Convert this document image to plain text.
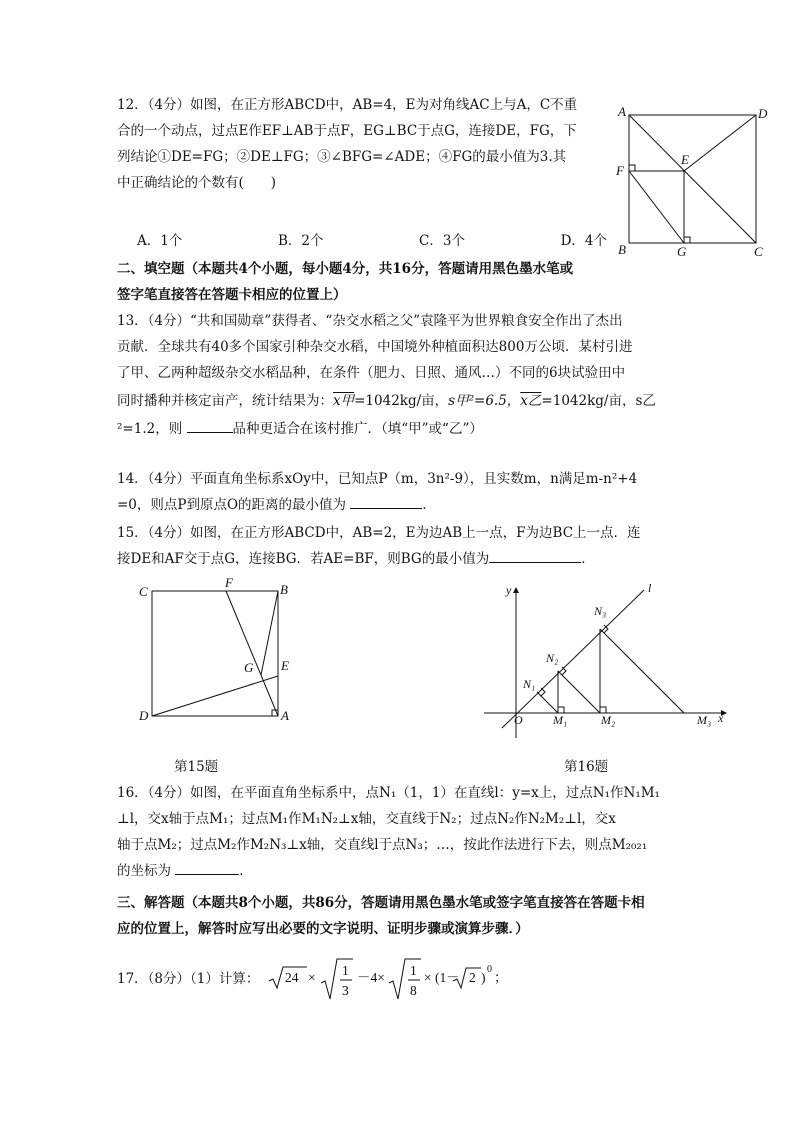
12．（4分）如图，在正方形ABCD中，AB=4，E为对角线AC上与A，C不重
合的一个动点，过点E作EF⊥AB于点F，EG⊥BC于点G，连接DE，FG，下
列结论①DE=FG；②DE⊥FG；③∠BFG=∠ADE；④FG的最小值为3.其
中正确结论的个数有(　　)
A．1个	B．2个	C．3个	D．4个
A	D
E
F
B	G	C
二、填空题（本题共4个小题，每小题4分，共16分，答题请用黑色墨水笔或
签字笔直接答在答题卡相应的位置上）
13．（4分）“共和国勋章”获得者、“杂交水稻之父”袁隆平为世界粮食安全作出了杰出
贡献．全球共有40多个国家引种杂交水稻，中国境外种植面积达800万公顷．某村引进
了甲、乙两种超级杂交水稻品种，在条件（肥力、日照、通风…）不同的6块试验田中
同时播种并核定亩产，统计结果为：x甲=1042kg/亩，s甲²=6.5，x乙=1042kg/亩，s乙
²=1.2，则	品种更适合在该村推广．（填“甲”或“乙”）
14．（4分）平面直角坐标系xOy中，已知点P（m，3n²-9），且实数m，n满足m-n²+4
=0，则点P到原点O的距离的最小值为	．
15．（4分）如图，在正方形ABCD中，AB=2，E为边AB上一点，F为边BC上一点．连
接DE和AF交于点G，连接BG．若AE=BF，则BG的最小值为	．
C
F	B
G E
D	A
第15题
y	l
N₃
N₂
N₁
O	M₁	M₂	M₃ x
第16题
16．（4分）如图，在平面直角坐标系中，点N₁（1，1）在直线l：y=x上，过点N₁作N₁M₁
⊥l，交x轴于点M₁；过点M₁作M₁N₂⊥x轴，交直线于N₂；过点N₂作N₂M₂⊥l，交x
轴于点M₂；过点M₂作M₂N₃⊥x轴，交直线l于点N₃；…，按此作法进行下去，则点M₂₀₂₁
的坐标为	．
三、解答题（本题共8个小题，共86分，答题请用黑色墨水笔或签字笔直接答在答题卡相
应的位置上，解答时应写出必要的文字说明、证明步骤或演算步骤．）
17．（8分）（1）计算： 24 × 1
3
－4× 1
8
× (1－ 2 )
0
；
